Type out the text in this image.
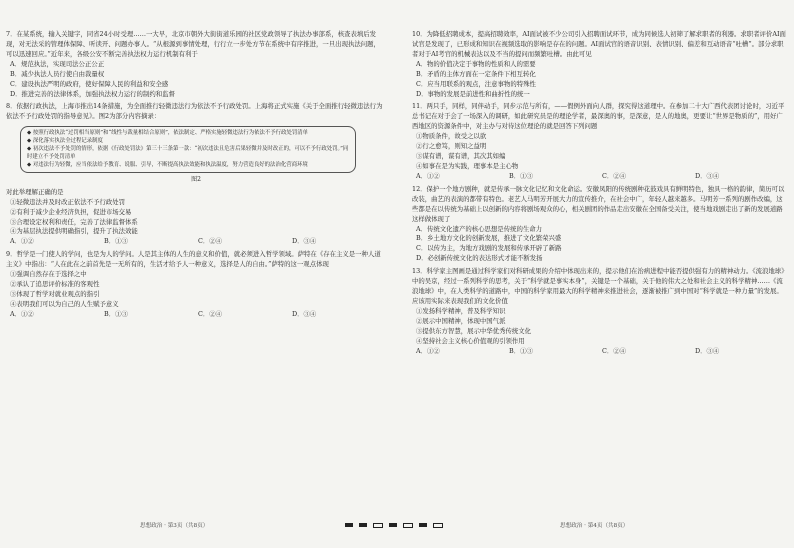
7．在某系统，输入关键字，同省24小时受理……一大早，北京市朝外大街街道乐园的社区党政领导了执法办事部系，核查表填后发现，对无法采的管理体保障、听读开、问题办事人。“从根源到事情处理，行行立一步处方节在系统中有序推进，一旦出现执法问题，可以迅速回应。”近年来，各级公安不断完善执法权力运行机制有利于
A．规范执法，实现司法公正公正
B．减少执法人员行使自由裁量权
C．建设执法严明的政府，使好保障人民的利益和安全感
D．推进完善的法律体系，加强执法权力运行的制约和监督
8．依据行政执法，上海市推出14条措施，为全面推行轻微违法行为依法不予行政处罚。上海将正式实施《关于全面推行轻微违法行为依法不予行政处罚的指导意见》。图2为部分内容摘录：
◆ 按照行政执法“过罚相当原则”和“线性与裁量相结合原则”，依法制定、严格实施轻微违法行为依法不予行政处罚清单
◆ 深化落实执法全过程记录制度
◆ 初次违法不予处罚的情形，依据《行政处罚法》第三十三条第一款：“初次违法且危害后果轻微并及时改正的，可以不予行政处罚。”同时建立不予处罚清单
◆ 对违法行为轻微，应当依法给予教育、说服、引导，不断提高执法效能和执法温度，努力营造良好的法治化营商环境
图2
对此举理解正确的是
①轻微违法并及时改正依法不予行政处罚
②有利于减少企业经济负担，促进市场交易
③合理设定权利和责任，完善了法律监督体系
④为基层执法提供明确指引，提升了执法效能
A．①②	B．①③	C．②④	D．③④
9．哲学是一门使人的学问，也是为人的学问。人是其主体的人生的意义和价值，就必须进入哲学领域。萨特在《存在主义是一种人道主义》中指出：“人在此在之前首先是一无所有的，生活才给予人一种意义，选择是人的自由。”萨特的这一观点体现
①强调自然存在于选择之中
②承认了追思评价标准的客观性
③体现了哲学对就业观点的指引
④表明我们可以为自己的人生赋予意义
A．①②	B．①③	C．②④	D．③④
10．为降低招聘成本，提高招聘效率，AI面试被不少公司引入招聘面试环节，成为同候选人初筛了解求职者的利器。求职者评价AI面试官是发现了，已形成和知识在视频选取的影响是存在的问题。AI面试官的语音识别、表情识别、偏差和互动语音“吐槽”。部分求职者对于AI考官的机械表达以及不当的提问而频繁吐槽。由此可见
A．物的价值决定于事物的性质和人的需要
B．矛盾的主体方面在一定条件下相互转化
C．应当用联系的观点，注意事物的特殊性
D．事物的发展是前进性和曲折性的统一
11．两只手，同样，同伴动手，同步示范与所有，——假例外面向人群，探究得这道理中。在参加二十大广西代表团讨论时，习近平总书记在对于会了一场深入的调研，如此研究员是的理论学者，最深奥的事，是深意，是人的地奥，更要让“世界是物质的”，用好广西地区的资源条件中，对主办与对待这位理论的就是回答下列问题
①物质条件，故受之以欲
②行之愈笃，则知之益明
③谋有谱，谋有谱，其次其如编
④如事在是为实践，理事本是主心物
A．①②	B．①③	C．②④	D．③④
12．保护一个地方剧种，就是传承一脉文化记忆和文化命运。安徽凤阳的传统剧种花鼓戏具有鲜明特色，独具一格的韵律，简历可以改装，曲艺的表演的都带有特色。老艺人马明芳开展大力的宣传推介，在社会中广，年轻人越来越多。马明芳一系列的剧作改编，这些都是在以传统为基础上以创新的内容将剧场观众的心，相关剧团的作品走出安徽在全国备受关注，使当地戏剧走出了新的发展道路这样做体现了
A．传统文化遗产的核心思想是传统的生命力
B．乡土地方文化的创新发展，推进了文化繁荣兴盛
C．以传为主，为地方戏剧的发展和传承开辟了新路
D．必创新传统文化的表达形式才能不断发扬
13．科学家主图画是通过科学家们对科研成果的介绍中体现出来的，提示他们在治病进程中能否提供强有力的精神动力。《流浪地球》中的吴京，经过一系列科学的思考，关于“科学就是事实本身”，关键是一个基础，关于他的伟大之处和社会主义的科学精神……《流浪地球》中，在人类科学的道路中，中国的科学家用最大的科学精神来推进社会，逐渐被推广到中国对“科学就是一种力量”的发展。应该用实际来表现我们的文化价值
①发扬科学精神，普及科学知识
②展示中国精神，体现中国气派
③提供东方智慧，展示中华优秀传统文化
④坚持社会主义核心价值观的引领作用
A．①②	B．①③	C．②④	D．③④
思想政治 · 第3页（共8页）	思想政治 · 第4页（共8页）
